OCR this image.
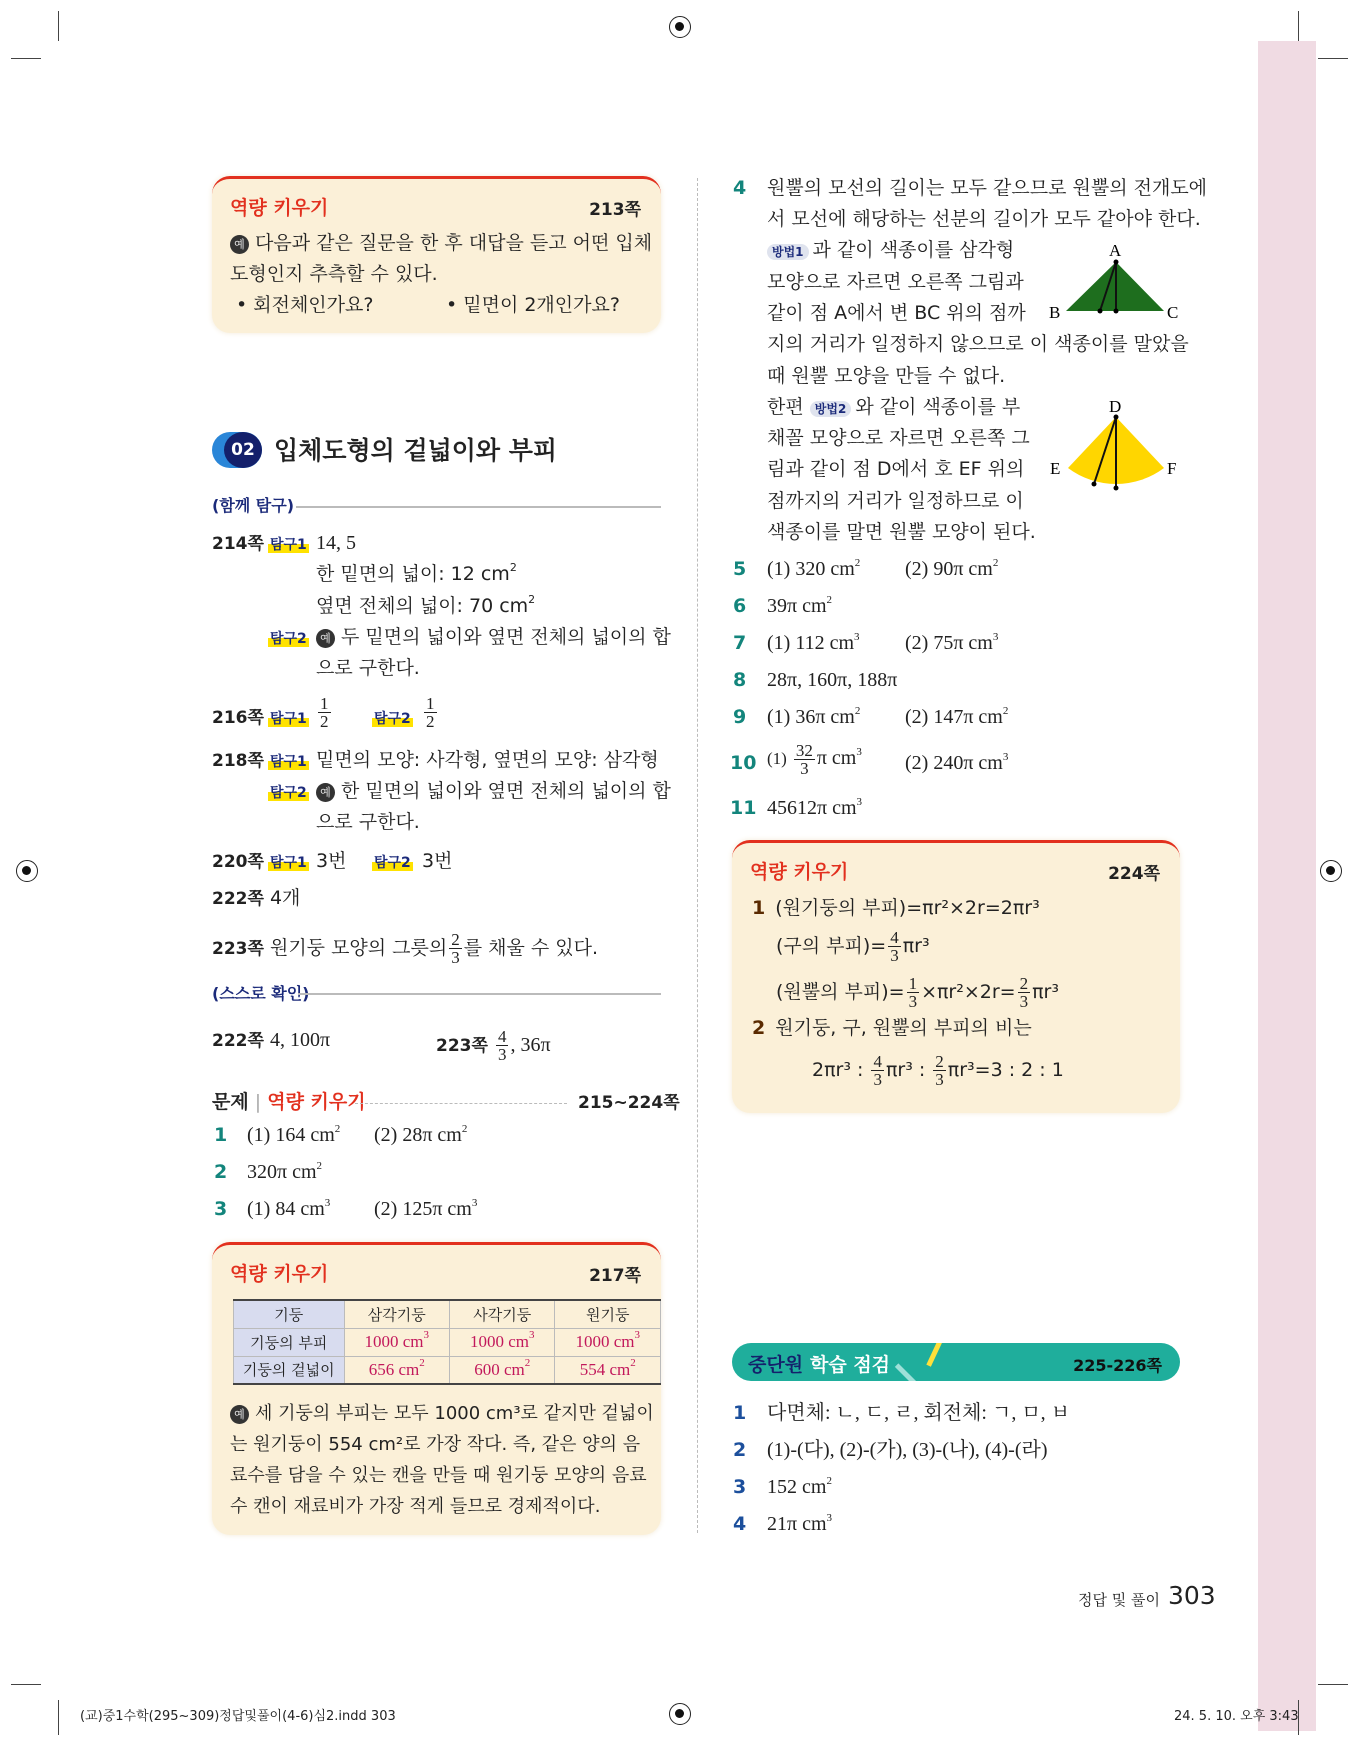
역량 키우기	213쪽
예 다음과 같은 질문을 한 후 대답을 듣고 어떤 입체
도형인지 추측할 수 있다.
• 회전체인가요?	• 밑면이 2개인가요?
02 입체도형의 겉넓이와 부피
(함께 탐구)
214쪽 탐구1 14, 5
한 밑면의 넓이: 12 $cm^2$
옆면 전체의 넓이: 70 $cm^2$
탐구2	예 두 밑면의 넓이와 옆면 전체의 넓이의 합
으로 구한다.
216쪽 탐구$1 \frac{1}{2}$	탐구$2 \frac{1}{2}$
218쪽 탐구1 밑면의 모양: 사각형, 옆면의 모양: 삼각형
탐구2	예 한 밑면의 넓이와 옆면 전체의 넓이의 합
으로 구한다.
220쪽 탐구1 3번 탐구2 3번
222쪽 4개
223쪽 원기둥 모양의 그릇의 $\frac{2}{3}$ 를 채울 수 있다.
(스스로 확인)
222쪽 4, 100π	223쪽 $\frac{4}{3}$ , 36π
문제 | 역량 키우기	215~224쪽
1 (1) 164 $cm^2$ (2) 28π $cm^2$
2 320π $cm^2$
3 (1) 84 $cm^3$ (2) 125π $cm^3$
역량 키우기	217쪽
기둥	삼각기둥	사각기둥	원기둥
기둥의 부피	1000 $cm^3$	1000 $cm^3$	1000 $cm^3$
기둥의 겉넓이	656 $cm^2$	600 $cm^2$	554 $cm^2$
예 세 기둥의 부피는 모두 1000 cm³로 같지만 겉넓이
는 원기둥이 554 cm²로 가장 작다. 즉, 같은 양의 음
료수를 담을 수 있는 캔을 만들 때 원기둥 모양의 음료
수 캔이 재료비가 가장 적게 들므로 경제적이다.
4 원뿔의 모선의 길이는 모두 같으므로 원뿔의 전개도에
서 모선에 해당하는 선분의 길이가 모두 같아야 한다.
방법1 과 같이 색종이를 삼각형
모양으로 자르면 오른쪽 그림과
같이 점 A에서 변 BC 위의 점까
지의 거리가 일정하지 않으므로 이 색종이를 말았을
때 원뿔 모양을 만들 수 없다.
한편 방법2 와 같이 색종이를 부
채꼴 모양으로 자르면 오른쪽 그
림과 같이 점 D에서 호 EF 위의
점까지의 거리가 일정하므로 이
색종이를 말면 원뿔 모양이 된다.
A
B	C
D
E	F
5 (1) 320 $cm^2$ (2) 90π $cm^2$
6 39π $cm^2$
7 (1) 112 $cm^3$ (2) 75π $cm^3$
8 28π, 160π, 188π
9 (1) 36π $cm^2$ (2) 147π $cm^2$
10 $(1) \frac{32}{3}$ π $cm^3$ (2) 240π $cm^3$
11 45612π $cm^3$
역량 키우기	224쪽
1 (원기둥의 부피)=πr²×2r=2πr³
(구의 부피)= $\frac{4}{3} \pi r^3$
(원뿔의 부피)= $\frac{1}{3} \times\pi r^2\times 2r= \frac{2}{3} \pi r^3$
2 원기둥, 구, 원뿔의 부피의 비는
2πr³ : $\frac{4}{3} \pi r^3$ : $\frac{2}{3} \pi r^3=3$ : 2 : 1
중단원 학습 점검	225-226쪽
1 다면체: ㄴ, ㄷ, ㄹ, 회전체: ㄱ, ㅁ, ㅂ
2 (1)-(다), (2)-(가), (3)-(나), (4)-(라)
3 152 $cm^2$
4 21π $cm^3$
정답 및 풀이 303
(교)중1수학(295~309)정답및풀이(4-6)심2.indd 303	24. 5. 10. 오후 3:43
